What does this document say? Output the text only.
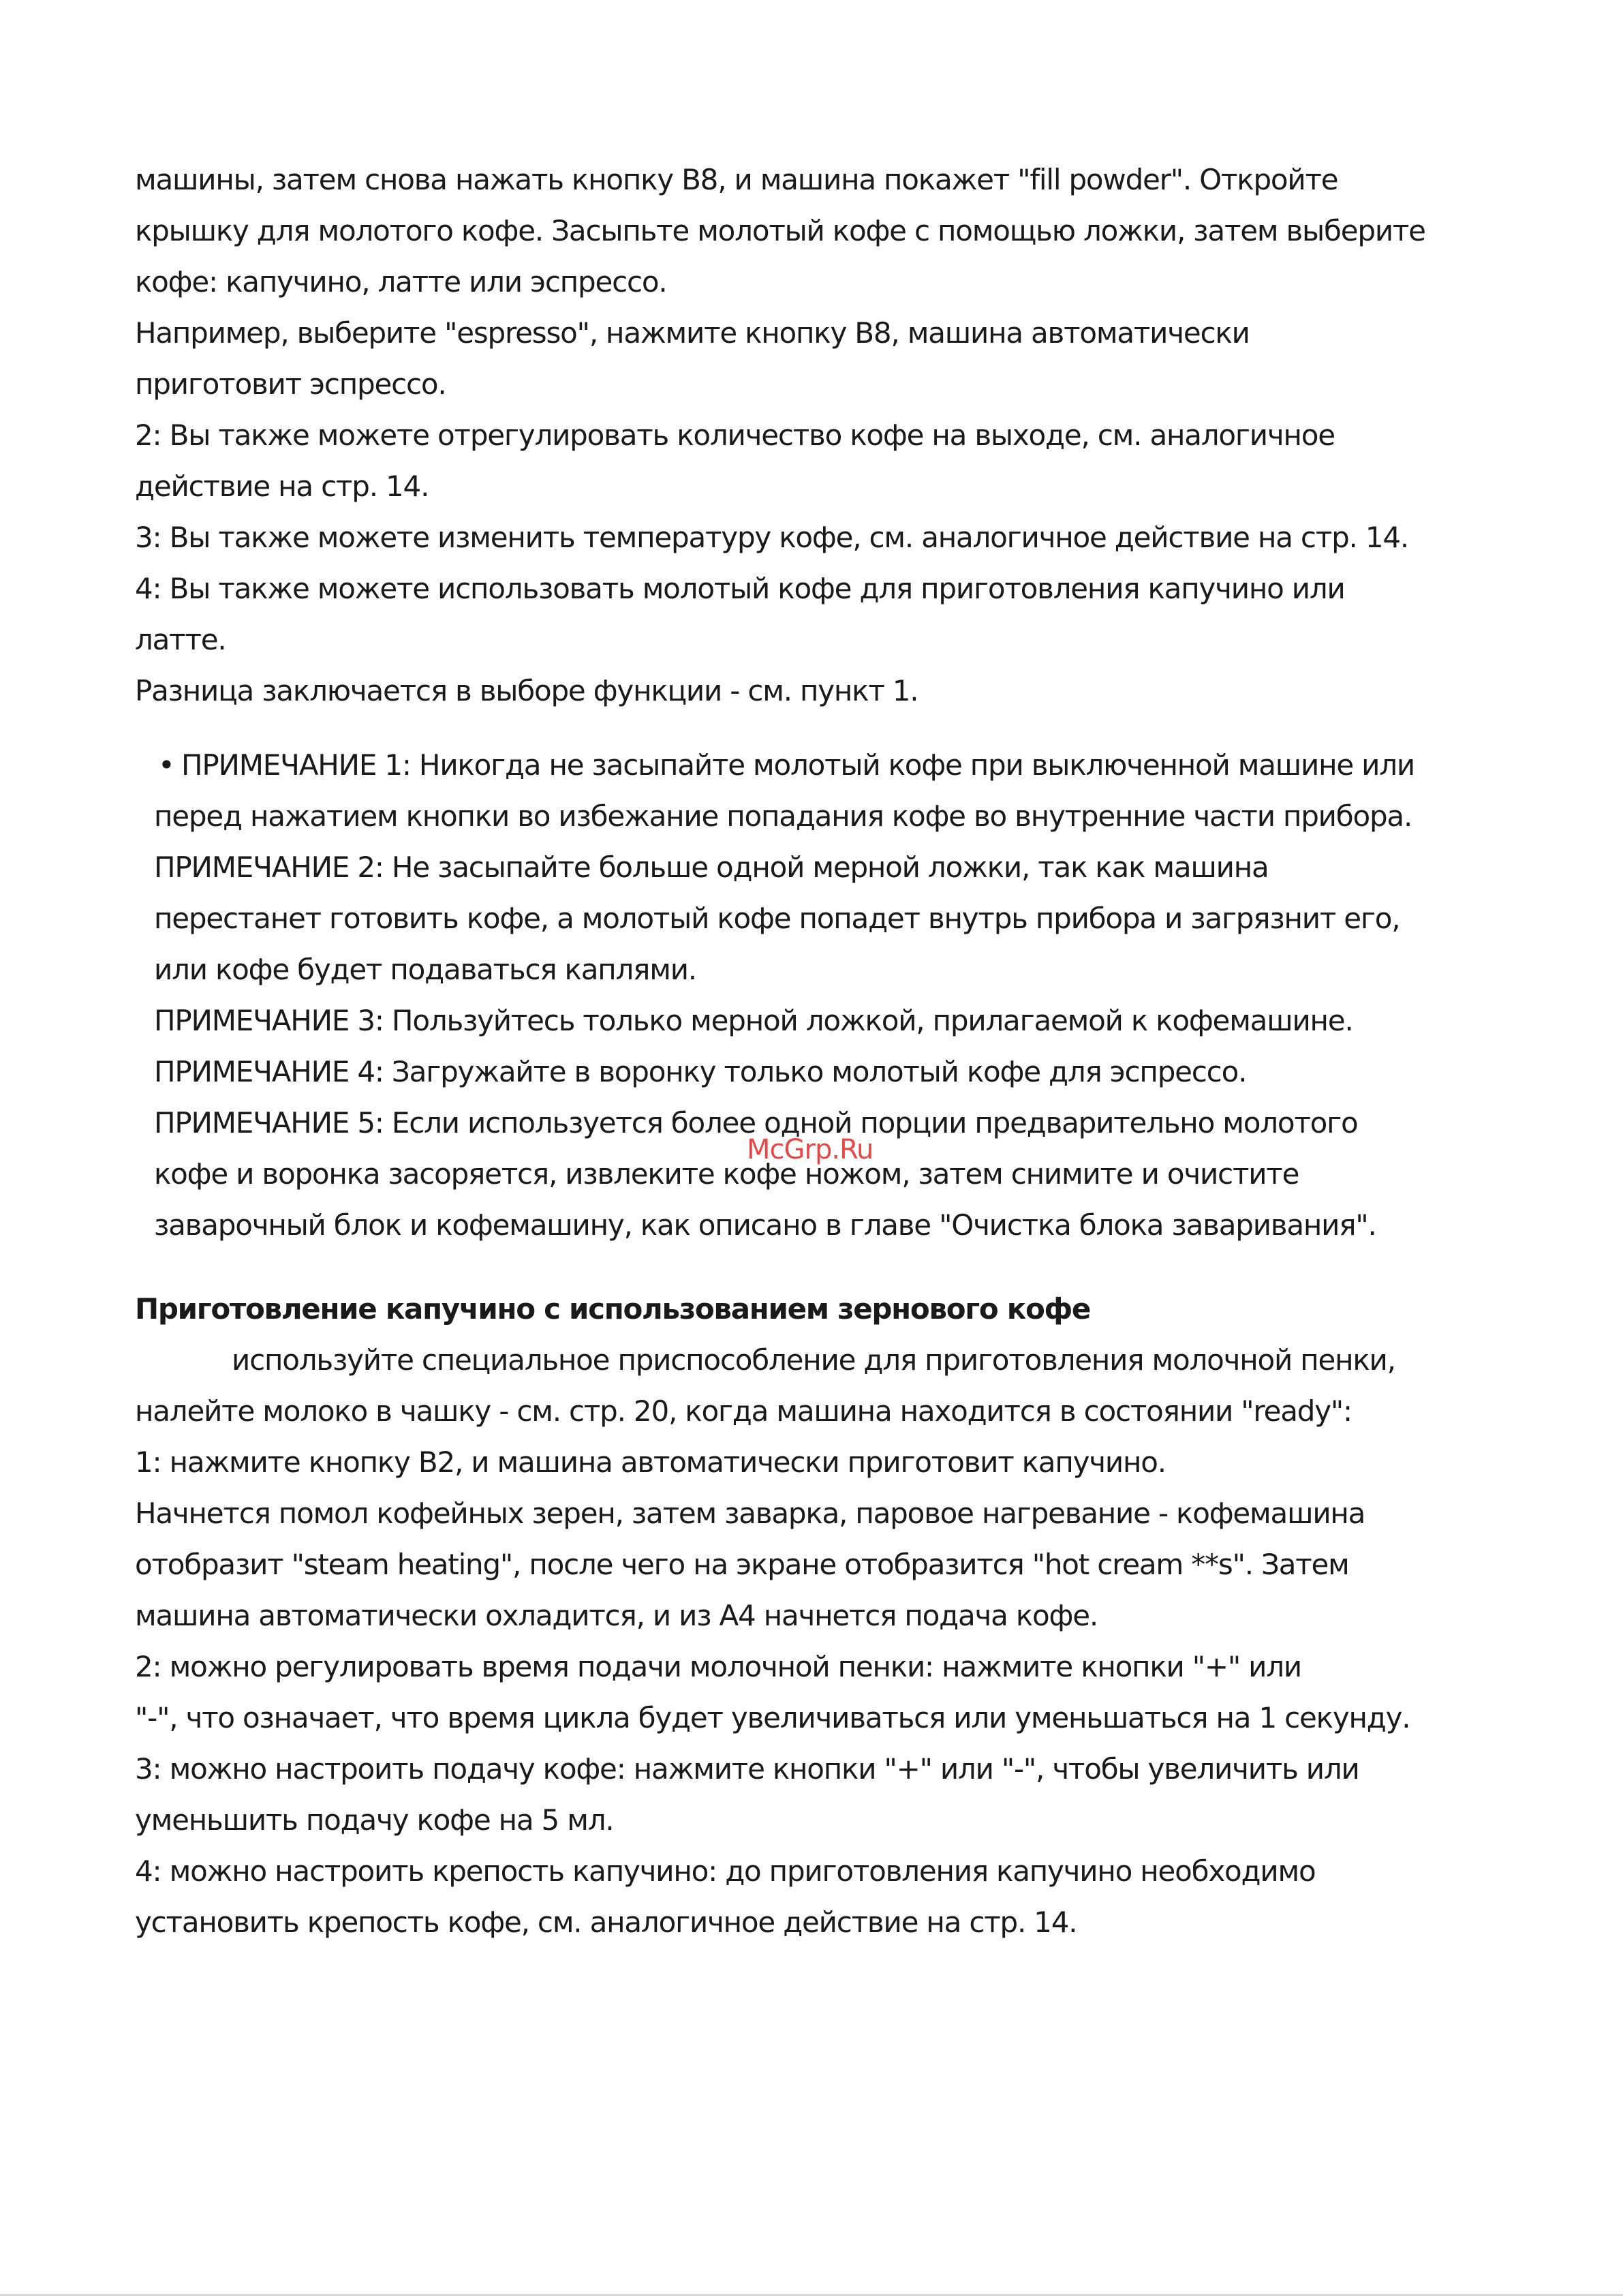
машины, затем снова нажать кнопку B8, и машина покажет "fill powder". Откройте
крышку для молотого кофе. Засыпьте молотый кофе с помощью ложки, затем выберите
кофе: капучино, латте или эспрессо.
Например, выберите "espresso", нажмите кнопку B8, машина автоматически
приготовит эспрессо.
2: Вы также можете отрегулировать количество кофе на выходе, см. аналогичное
действие на стр. 14.
3: Вы также можете изменить температуру кофе, см. аналогичное действие на стр. 14.
4: Вы также можете использовать молотый кофе для приготовления капучино или
латте.
Разница заключается в выборе функции - см. пункт 1.
• ПРИМЕЧАНИЕ 1: Никогда не засыпайте молотый кофе при выключенной машине или
перед нажатием кнопки во избежание попадания кофе во внутренние части прибора.
ПРИМЕЧАНИЕ 2: Не засыпайте больше одной мерной ложки, так как машина
перестанет готовить кофе, а молотый кофе попадет внутрь прибора и загрязнит его,
или кофе будет подаваться каплями.
ПРИМЕЧАНИЕ 3: Пользуйтесь только мерной ложкой, прилагаемой к кофемашине.
ПРИМЕЧАНИЕ 4: Загружайте в воронку только молотый кофе для эспрессо.
ПРИМЕЧАНИЕ 5: Если используется более одной порции предварительно молотого
кофе и воронка засоряется, извлеките кофе ножом, затем снимите и очистите
заварочный блок и кофемашину, как описано в главе "Очистка блока заваривания".
McGrp.Ru
Приготовление капучино с использованием зернового кофе
используйте специальное приспособление для приготовления молочной пенки,
налейте молоко в чашку - см. стр. 20, когда машина находится в состоянии "ready":
1: нажмите кнопку B2, и машина автоматически приготовит капучино.
Начнется помол кофейных зерен, затем заварка, паровое нагревание - кофемашина
отобразит "steam heating", после чего на экране отобразится "hot cream **s". Затем
машина автоматически охладится, и из A4 начнется подача кофе.
2: можно регулировать время подачи молочной пенки: нажмите кнопки "+" или
"-", что означает, что время цикла будет увеличиваться или уменьшаться на 1 секунду.
3: можно настроить подачу кофе: нажмите кнопки "+" или "-", чтобы увеличить или
уменьшить подачу кофе на 5 мл.
4: можно настроить крепость капучино: до приготовления капучино необходимо
установить крепость кофе, см. аналогичное действие на стр. 14.
